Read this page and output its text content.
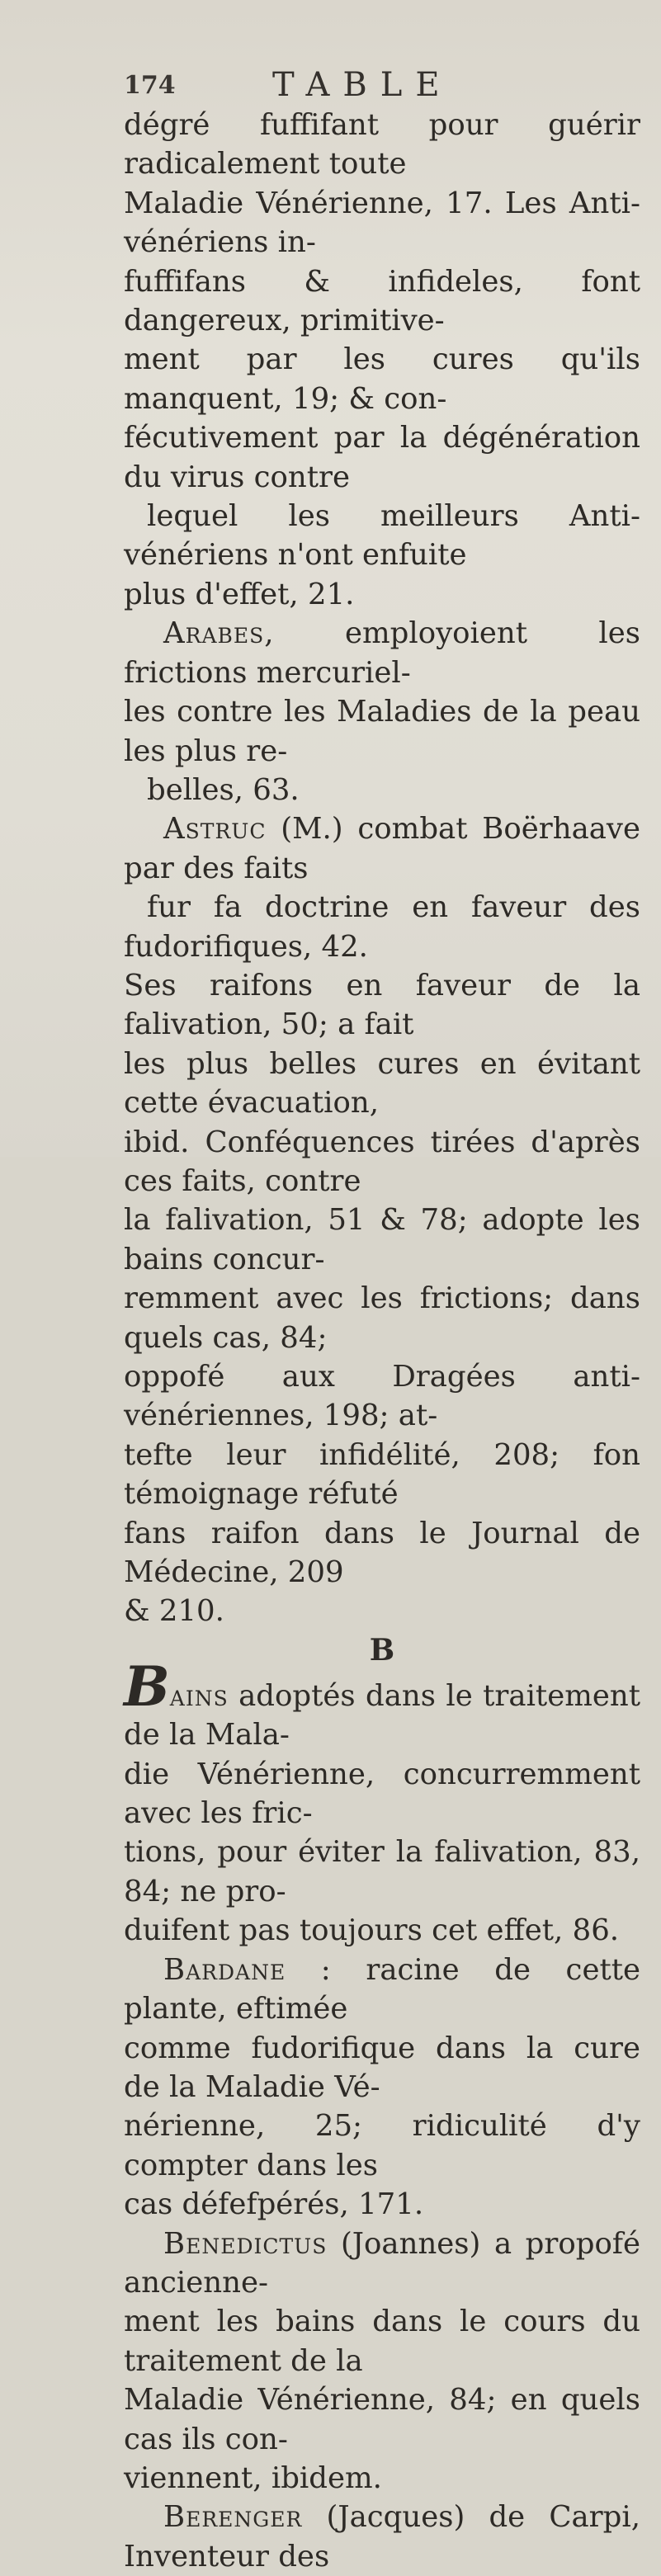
174	TABLE

dégré fuffifant pour guérir radicalement toute
Maladie Vénérienne, 17. Les Anti-vénériens in-
fuffifans & infideles, font dangereux, primitive-
ment par les cures qu'ils manquent, 19; & con-
fécutivement par la dégénération du virus contre
lequel les meilleurs Anti-vénériens n'ont enfuite
plus d'effet, 21.

Arabes, employoient les frictions mercuriel-
les contre les Maladies de la peau les plus re-
belles, 63.

Astruc (M.) combat Boërhaave par des faits
fur fa doctrine en faveur des fudorifiques, 42.
Ses raifons en faveur de la falivation, 50; a fait
les plus belles cures en évitant cette évacuation,
ibid. Conféquences tirées d'après ces faits, contre
la falivation, 51 & 78; adopte les bains concur-
remment avec les frictions; dans quels cas, 84;
oppofé aux Dragées anti-vénériennes, 198; at-
tefte leur infidélité, 208; fon témoignage réfuté
fans raifon dans le Journal de Médecine, 209
& 210.

B

Bains adoptés dans le traitement de la Mala-
die Vénérienne, concurremment avec les fric-
tions, pour éviter la falivation, 83, 84; ne pro-
duifent pas toujours cet effet, 86.

Bardane : racine de cette plante, eftimée
comme fudorifique dans la cure de la Maladie Vé-
nérienne, 25; ridiculité d'y compter dans les
cas défefpérés, 171.

Benedictus (Joannes) a propofé ancienne-
ment les bains dans le cours du traitement de la
Maladie Vénérienne, 84; en quels cas ils con-
viennent, ibidem.

Berenger (Jacques) de Carpi, Inventeur des
